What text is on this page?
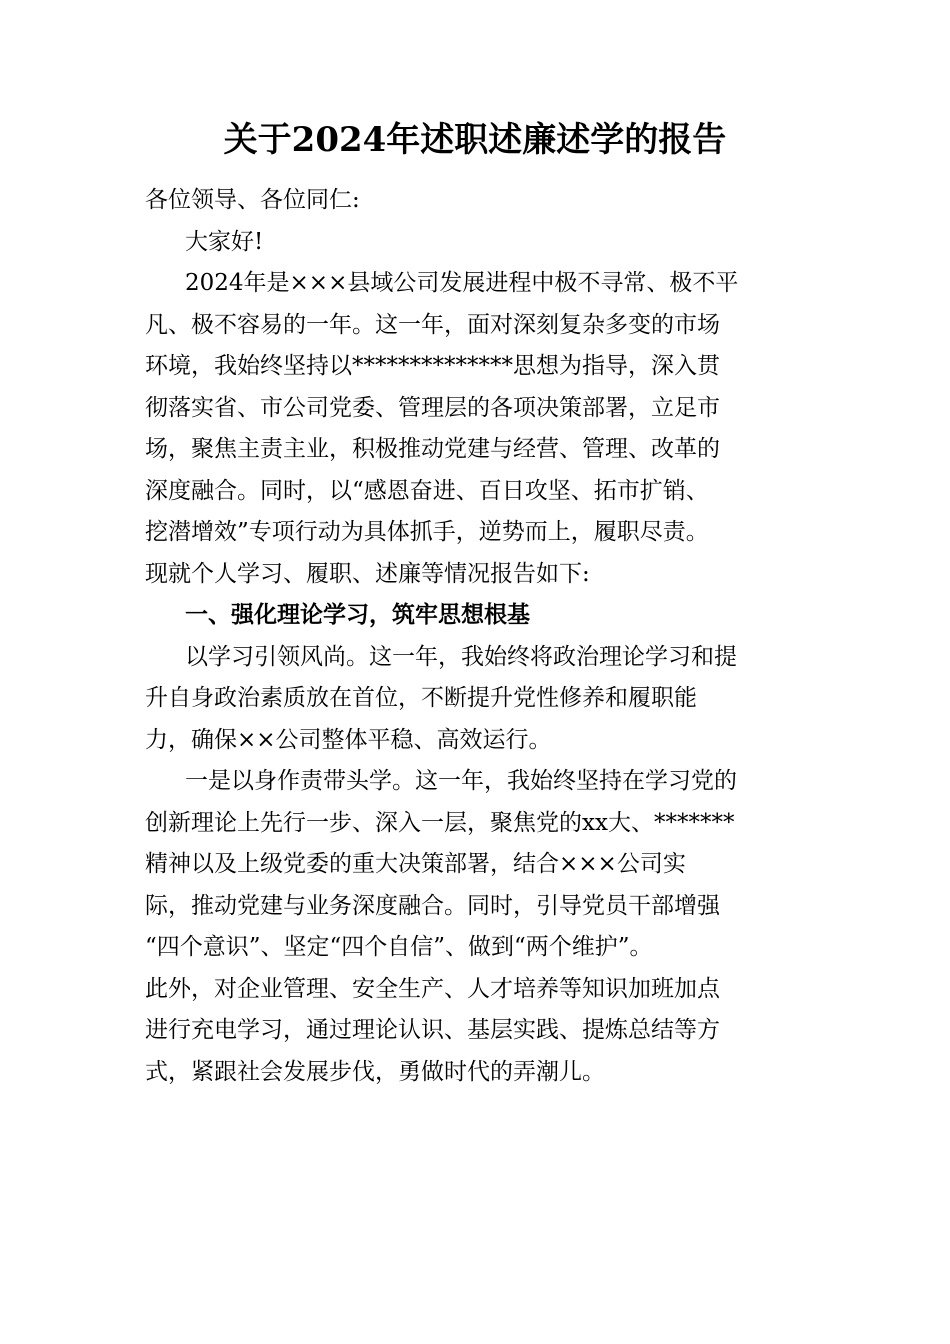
关于2024年述职述廉述学的报告
各位领导、各位同仁:
大家好!
2024年是×××县域公司发展进程中极不寻常、极不平
凡、极不容易的一年。这一年，面对深刻复杂多变的市场
环境，我始终坚持以**************思想为指导，深入贯
彻落实省、市公司党委、管理层的各项决策部署，立足市
场，聚焦主责主业，积极推动党建与经营、管理、改革的
深度融合。同时，以“感恩奋进、百日攻坚、拓市扩销、
挖潜增效”专项行动为具体抓手，逆势而上，履职尽责。
现就个人学习、履职、述廉等情况报告如下:
一、强化理论学习，筑牢思想根基
以学习引领风尚。这一年，我始终将政治理论学习和提
升自身政治素质放在首位，不断提升党性修养和履职能
力，确保××公司整体平稳、高效运行。
一是以身作责带头学。这一年，我始终坚持在学习党的
创新理论上先行一步、深入一层，聚焦党的xx大、*******
精神以及上级党委的重大决策部署，结合×××公司实
际，推动党建与业务深度融合。同时，引导党员干部增强
“四个意识”、坚定“四个自信”、做到“两个维护”。
此外，对企业管理、安全生产、人才培养等知识加班加点
进行充电学习，通过理论认识、基层实践、提炼总结等方
式，紧跟社会发展步伐，勇做时代的弄潮儿。
